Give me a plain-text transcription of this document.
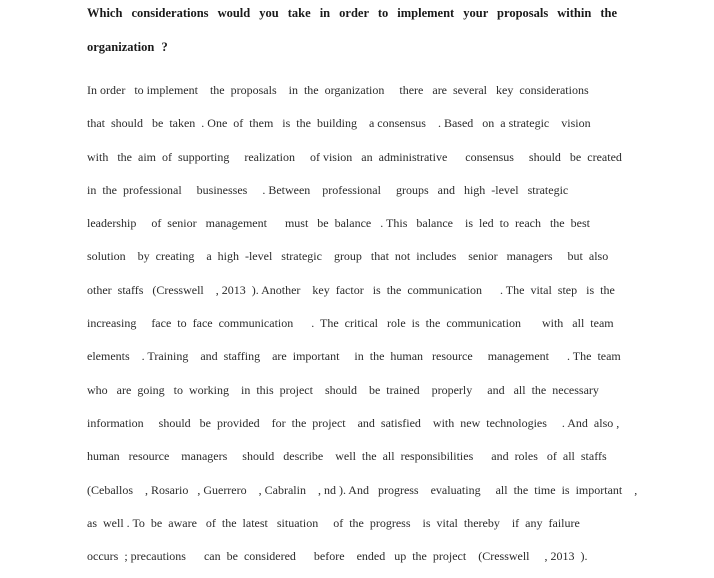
Which considerations would you take in order to implement your proposals within the organization ?

In order   to implement    the  proposals    in  the  organization     there   are  several   key  considerations
that  should   be  taken  . One  of  them   is  the  building    a consensus    . Based   on  a strategic    vision
with   the  aim  of  supporting     realization     of vision   an  administrative      consensus     should   be  created
in  the  professional     businesses     . Between    professional     groups   and   high  -level   strategic
leadership     of  senior   management      must   be  balance   . This   balance    is  led  to  reach   the  best
solution    by  creating    a  high  -level   strategic    group   that  not  includes    senior   managers     but  also
other  staffs   (Cresswell    , 2013  ). Another    key  factor   is  the  communication      . The  vital  step   is  the
increasing     face  to  face  communication      .  The  critical   role  is  the  communication       with   all  team
elements    . Training    and  staffing    are  important     in  the  human   resource     management      . The  team
who   are  going   to  working    in  this  project    should    be  trained    properly     and   all  the  necessary
information     should   be  provided    for  the  project    and  satisfied    with  new  technologies     . And  also ,
human   resource    managers     should   describe    well  the  all  responsibilities      and  roles   of  all  staffs
(Ceballos    , Rosario   , Guerrero    , Cabralin    , nd ). And   progress    evaluating     all  the  time  is  important    ,
as  well . To  be  aware   of  the  latest   situation     of  the  progress    is  vital  thereby    if  any  failure
occurs  ; precautions      can  be  considered      before    ended   up  the  project    (Cresswell     , 2013  ).
